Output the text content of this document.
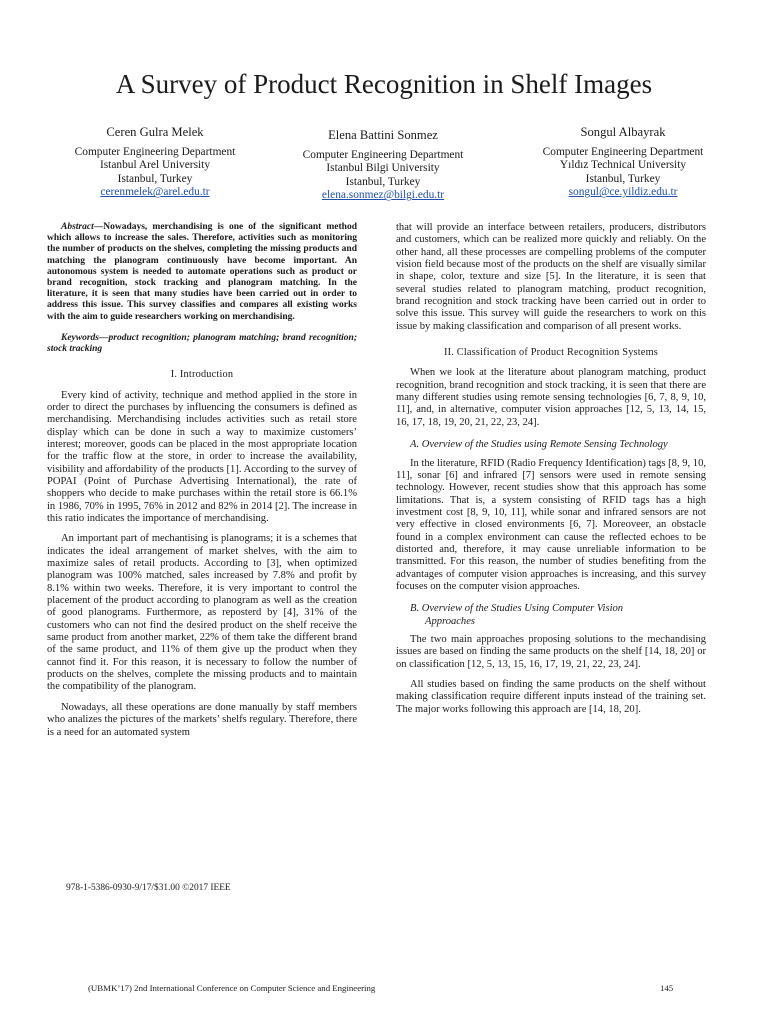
A Survey of Product Recognition in Shelf Images
Ceren Gulra Melek
Computer Engineering Department
Istanbul Arel University
Istanbul, Turkey
cerenmelek@arel.edu.tr
Elena Battini Sonmez
Computer Engineering Department
Istanbul Bilgi University
Istanbul, Turkey
elena.sonmez@bilgi.edu.tr
Songul Albayrak
Computer Engineering Department
Yıldız Technical University
Istanbul, Turkey
songul@ce.yildiz.edu.tr

Abstract—Nowadays, merchandising is one of the significant method which allows to increase the sales. Therefore, activities such as monitoring the number of products on the shelves, completing the missing products and matching the planogram continuously have become important. An autonomous system is needed to automate operations such as product or brand recognition, stock tracking and planogram matching. In the literature, it is seen that many studies have been carried out in order to address this issue. This survey classifies and compares all existing works with the aim to guide researchers working on merchandising.

Keywords—product recognition; planogram matching; brand recognition; stock tracking

I. Introduction

Every kind of activity, technique and method applied in the store in order to direct the purchases by influencing the consumers is defined as merchandising. Merchandising includes activities such as retail store display which can be done in such a way to maximize customers’ interest; moreover, goods can be placed in the most appropriate location for the traffic flow at the store, in order to increase the availability, visibility and affordability of the products [1]. According to the survey of POPAI (Point of Purchase Advertising International), the rate of shoppers who decide to make purchases within the retail store is 66.1% in 1986, 70% in 1995, 76% in 2012 and 82% in 2014 [2]. The increase in this ratio indicates the importance of merchandising.

An important part of mechantising is planograms; it is a schemes that indicates the ideal arrangement of market shelves, with the aim to maximize sales of retail products. According to [3], when optimized planogram was 100% matched, sales increased by 7.8% and profit by 8.1% within two weeks. Therefore, it is very important to control the placement of the product according to planogram as well as the creation of good planograms. Furthermore, as reposterd by [4], 31% of the customers who can not find the desired product on the shelf receive the same product from another market, 22% of them take the different brand of the same product, and 11% of them give up the product when they cannot find it. For this reason, it is necessary to follow the number of products on the shelves, complete the missing products and to maintain the compatibility of the planogram.

Nowadays, all these operations are done manually by staff members who analizes the pictures of the markets’ shelfs regulary. Therefore, there is a need for an automated system

that will provide an interface between retailers, producers, distributors and customers, which can be realized more quickly and reliably. On the other hand, all these processes are compelling problems of the computer vision field because most of the products on the shelf are visually similar in shape, color, texture and size [5]. In the literature, it is seen that several studies related to planogram matching, product recognition, brand recognition and stock tracking have been carried out in order to solve this issue. This survey will guide the researchers to work on this issue by making classification and comparison of all present works.

II. Classification of Product Recognition Systems

When we look at the literature about planogram matching, product recognition, brand recognition and stock tracking, it is seen that there are many different studies using remote sensing technologies [6, 7, 8, 9, 10, 11], and, in alternative, computer vision approaches [12, 5, 13, 14, 15, 16, 17, 18, 19, 20, 21, 22, 23, 24].

A. Overview of the Studies using Remote Sensing Technology

In the literature, RFID (Radio Frequency Identification) tags [8, 9, 10, 11], sonar [6] and infrared [7] sensors were used in remote sensing technology. However, recent studies show that this approach has some limitations. That is, a system consisting of RFID tags has a high investment cost [8, 9, 10, 11], while sonar and infrared sensors are not very effective in closed environments [6, 7]. Moreoveer, an obstacle found in a complex environment can cause the reflected echoes to be distorted and, therefore, it may cause unreliable information to be transmitted. For this reason, the number of studies benefiting from the advantages of computer vision approaches is increasing, and this survey focuses on the computer vision approaches.

B. Overview of the Studies Using Computer Vision
Approaches

The two main approaches proposing solutions to the mechandising issues are based on finding the same products on the shelf [14, 18, 20] or on classification [12, 5, 13, 15, 16, 17, 19, 21, 22, 23, 24].

All studies based on finding the same products on the shelf without making classification require different inputs instead of the training set. The major works following this approach are [14, 18, 20].

978-1-5386-0930-9/17/$31.00 ©2017 IEEE
(UBMK’17) 2nd International Conference on Computer Science and Engineering	145
